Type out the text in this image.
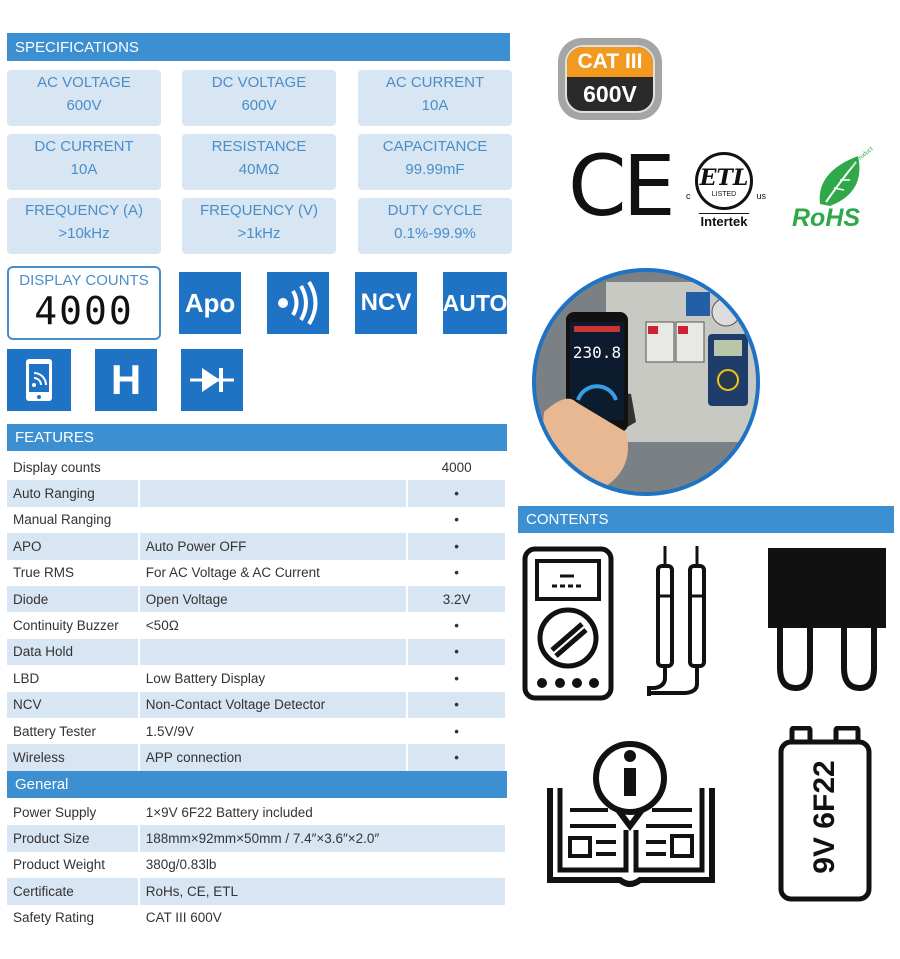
SPECIFICATIONS
AC VOLTAGE
600V
DC VOLTAGE
600V
AC CURRENT
10A
DC CURRENT
10A
RESISTANCE
40MΩ
CAPACITANCE
99.99mF
FREQUENCY (A)
>10kHz
FREQUENCY (V)
>1kHz
DUTY CYCLE
0.1%-99.9%
DISPLAY COUNTS
4000	Apo	NCV AUTO
H
FEATURES
Display counts		4000
Auto Ranging		•
Manual Ranging		•
APO	Auto Power OFF	•
True RMS	For AC Voltage & AC Current	•
Diode	Open Voltage	3.2V
Continuity Buzzer	<50Ω	•
Data Hold		•
LBD	Low Battery Display	•
NCV	Non-Contact Voltage Detector	•
Battery Tester	1.5V/9V	•
Wireless	APP connection	•
General
Power Supply	1×9V 6F22 Battery included
Product Size	188mm×92mm×50mm / 7.4″×3.6″×2.0″
Product Weight	380g/0.83lb
Certificate	RoHs, CE, ETL
Safety Rating	CAT III 600V
CAT III
600V
CE ETL
LISTED
c	us
Intertek
Green Product
RoHS
230.8
CONTENTS
9V 6F22
